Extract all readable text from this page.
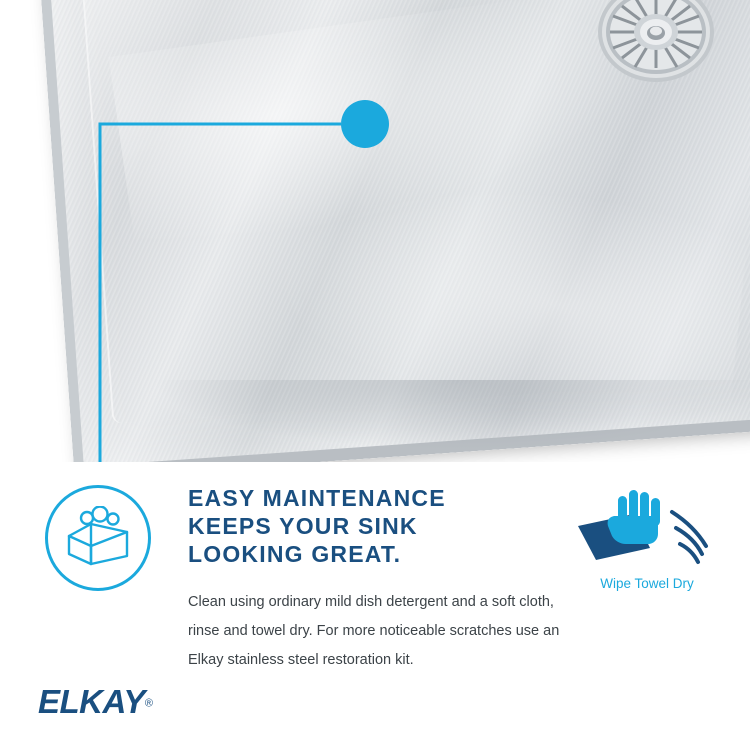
EASY MAINTENANCE
KEEPS YOUR SINK
LOOKING GREAT.
Clean using ordinary mild dish detergent and a soft cloth, rinse and towel dry. For more noticeable scratches use an Elkay stainless steel restoration kit.
Wipe Towel Dry
ELKAY®
